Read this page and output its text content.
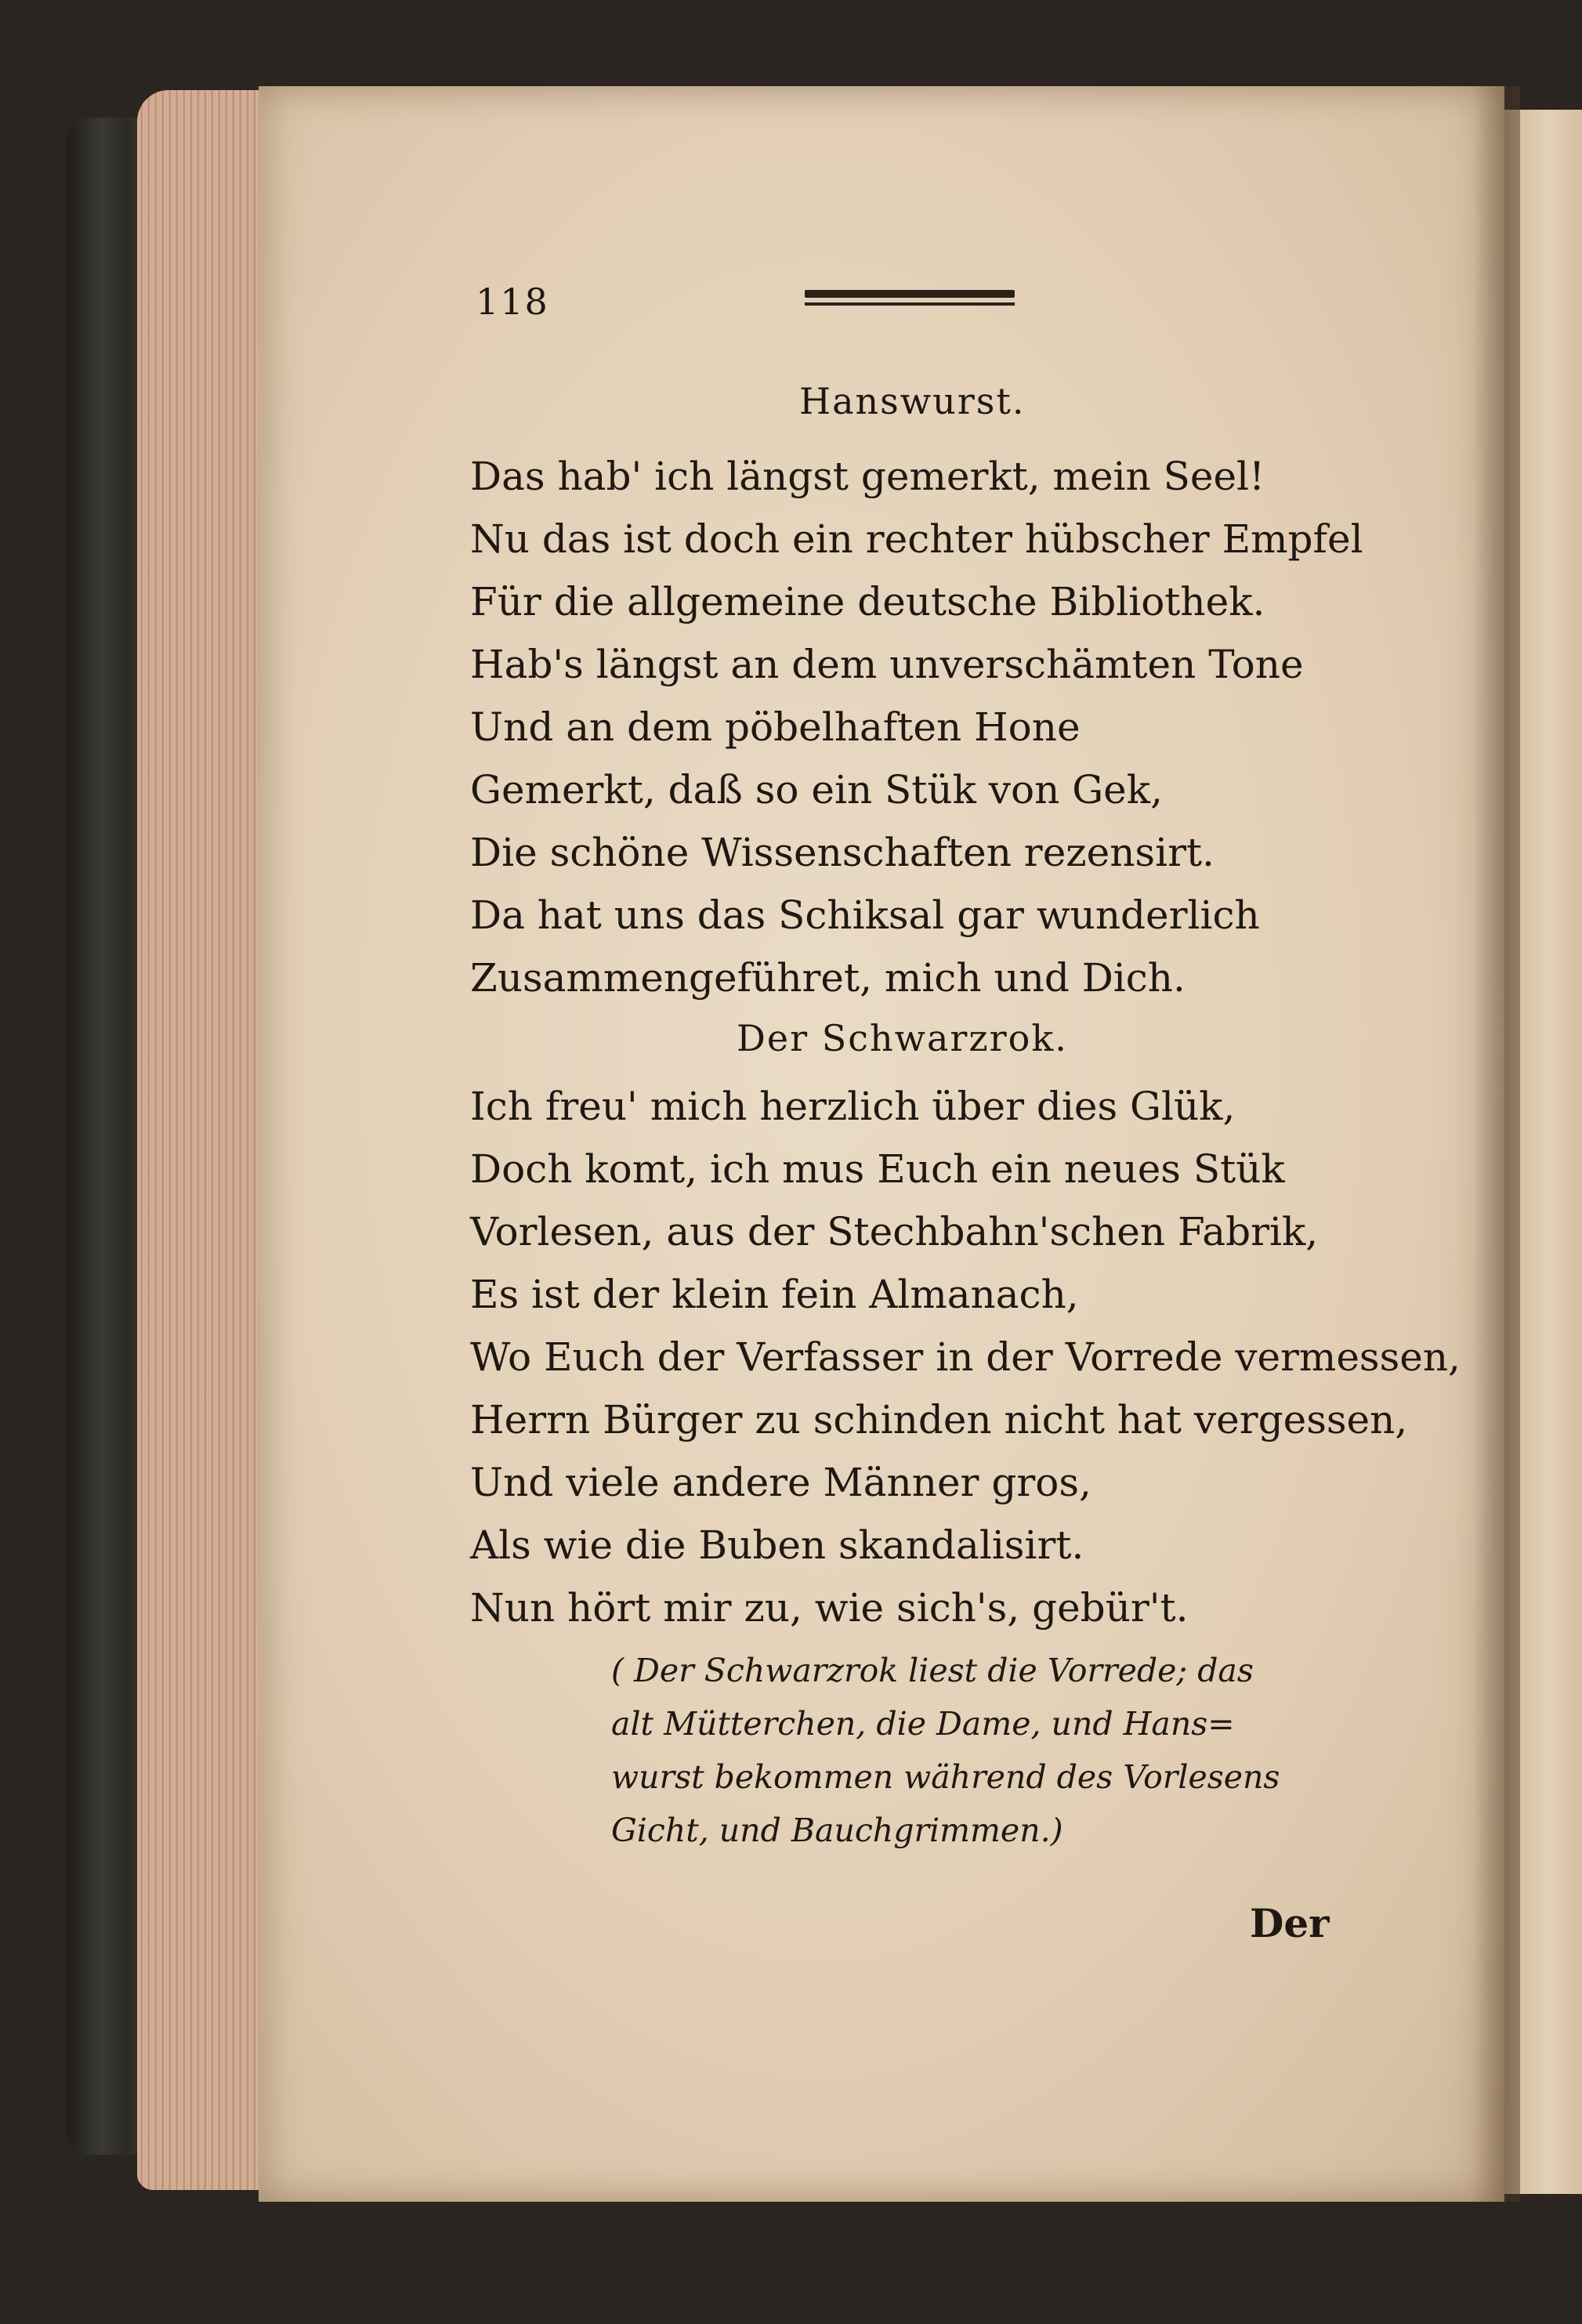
118
Hanswurst.
Das hab' ich längst gemerkt, mein Seel!
Nu das ist doch ein rechter hübscher Empfel
Für die allgemeine deutsche Bibliothek.
Hab's längst an dem unverschämten Tone
Und an dem pöbelhaften Hone
Gemerkt, daß so ein Stük von Gek,
Die schöne Wissenschaften rezensirt.
Da hat uns das Schiksal gar wunderlich
Zusammengeführet, mich und Dich.
Der Schwarzrok.
Ich freu' mich herzlich über dies Glük,
Doch komt, ich mus Euch ein neues Stük
Vorlesen, aus der Stechbahn'schen Fabrik,
Es ist der klein fein Almanach,
Wo Euch der Verfasser in der Vorrede vermessen,
Herrn Bürger zu schinden nicht hat vergessen,
Und viele andere Männer gros,
Als wie die Buben skandalisirt.
Nun hört mir zu, wie sich's, gebür't.
( Der Schwarzrok liest die Vorrede; das
alt Mütterchen, die Dame, und Hans=
wurst bekommen während des Vorlesens
Gicht, und Bauchgrimmen.)
Der
